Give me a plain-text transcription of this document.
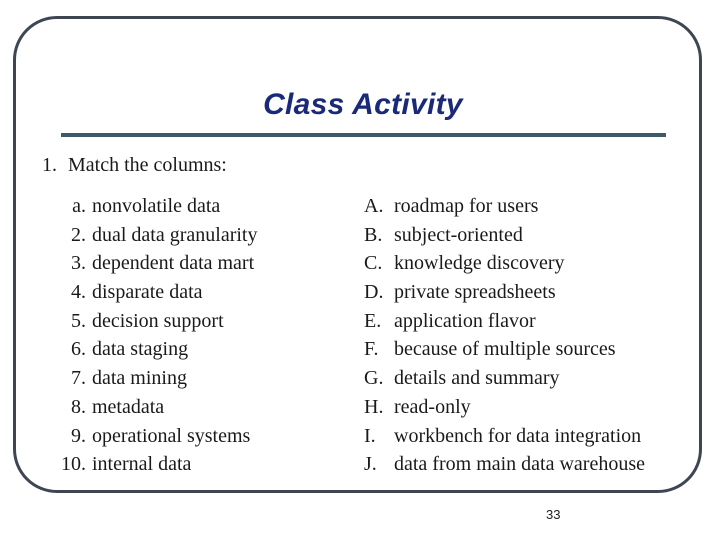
Class Activity
1. Match the columns:
a. nonvolatile data
2. dual data granularity
3. dependent data mart
4. disparate data
5. decision support
6. data staging
7. data mining
8. metadata
9. operational systems
10. internal data
A. roadmap for users
B. subject-oriented
C. knowledge discovery
D. private spreadsheets
E. application flavor
F. because of multiple sources
G. details and summary
H. read-only
I. workbench for data integration
J. data from main data warehouse
33
